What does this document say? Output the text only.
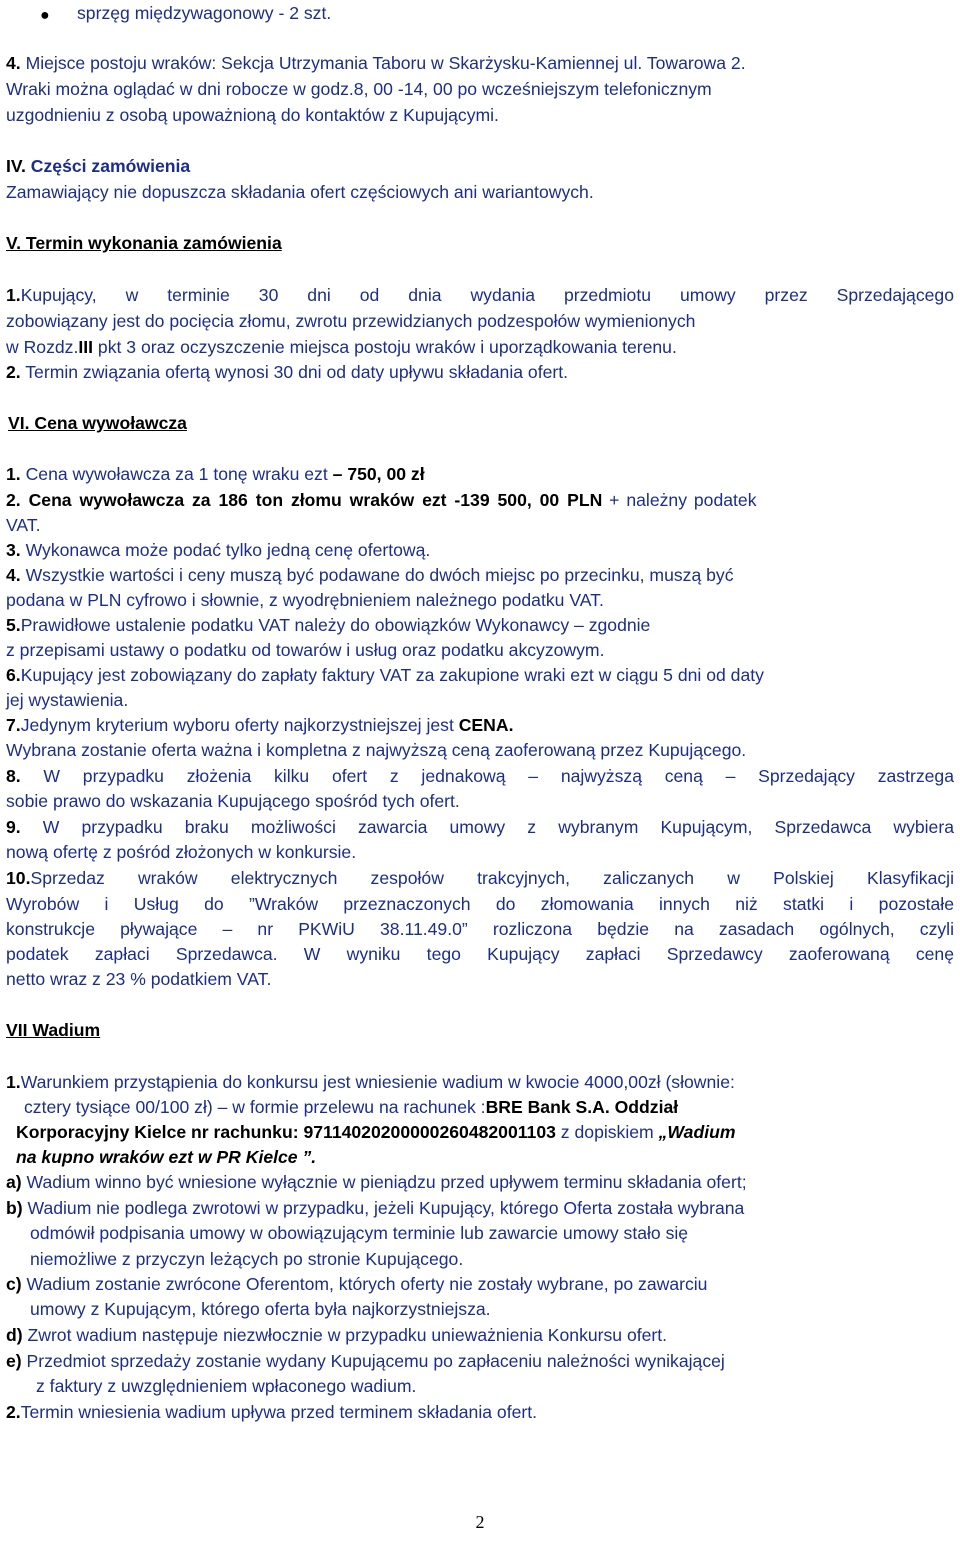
● sprzęg międzywagonowy - 2 szt.
4. Miejsce postoju wraków: Sekcja Utrzymania Taboru w Skarżysku-Kamiennej ul. Towarowa 2.
Wraki można oglądać w dni robocze w godz.8, 00 -14, 00 po wcześniejszym telefonicznym
uzgodnieniu z osobą upoważnioną do kontaktów z Kupującymi.
IV. Części zamówienia
Zamawiający nie dopuszcza składania ofert częściowych ani wariantowych.
V. Termin wykonania zamówienia
1.Kupujący, w terminie 30 dni od dnia wydania przedmiotu umowy przez Sprzedającego
zobowiązany jest do pocięcia złomu, zwrotu przewidzianych podzespołów wymienionych
w Rozdz.III pkt 3 oraz oczyszczenie miejsca postoju wraków i uporządkowania terenu.
2. Termin związania ofertą wynosi 30 dni od daty upływu składania ofert.
VI. Cena wywoławcza
1. Cena wywoławcza za 1 tonę wraku ezt – 750, 00 zł
2. Cena wywoławcza za 186 ton złomu wraków ezt -139 500, 00 PLN + należny podatek
VAT.
3. Wykonawca może podać tylko jedną cenę ofertową.
4. Wszystkie wartości i ceny muszą być podawane do dwóch miejsc po przecinku, muszą być
podana w PLN cyfrowo i słownie, z wyodrębnieniem należnego podatku VAT.
5.Prawidłowe ustalenie podatku VAT należy do obowiązków Wykonawcy – zgodnie
z przepisami ustawy o podatku od towarów i usług oraz podatku akcyzowym.
6.Kupujący jest zobowiązany do zapłaty faktury VAT za zakupione wraki ezt w ciągu 5 dni od daty
jej wystawienia.
7.Jedynym kryterium wyboru oferty najkorzystniejszej jest CENA.
Wybrana zostanie oferta ważna i kompletna z najwyższą ceną zaoferowaną przez Kupującego.
8. W przypadku złożenia kilku ofert z jednakową – najwyższą ceną – Sprzedający zastrzega
sobie prawo do wskazania Kupującego spośród tych ofert.
9. W przypadku braku możliwości zawarcia umowy z wybranym Kupującym, Sprzedawca wybiera
nową ofertę z pośród złożonych w konkursie.
10.Sprzedaz wraków elektrycznych zespołów trakcyjnych, zaliczanych w Polskiej Klasyfikacji
Wyrobów i Usług do ”Wraków przeznaczonych do złomowania innych niż statki i pozostałe
konstrukcje pływające – nr PKWiU 38.11.49.0” rozliczona będzie na zasadach ogólnych, czyli
podatek zapłaci Sprzedawca. W wyniku tego Kupujący zapłaci Sprzedawcy zaoferowaną cenę
netto wraz z 23 % podatkiem VAT.
VII Wadium
1.Warunkiem przystąpienia do konkursu jest wniesienie wadium w kwocie 4000,00zł (słownie:
cztery tysiące 00/100 zł) – w formie przelewu na rachunek :BRE Bank S.A. Oddział
Korporacyjny Kielce nr rachunku: 97114020200000260482001103 z dopiskiem „Wadium
na kupno wraków ezt w PR Kielce ”.
a) Wadium winno być wniesione wyłącznie w pieniądzu przed upływem terminu składania ofert;
b) Wadium nie podlega zwrotowi w przypadku, jeżeli Kupujący, którego Oferta została wybrana
odmówił podpisania umowy w obowiązującym terminie lub zawarcie umowy stało się
niemożliwe z przyczyn leżących po stronie Kupującego.
c) Wadium zostanie zwrócone Oferentom, których oferty nie zostały wybrane, po zawarciu
umowy z Kupującym, którego oferta była najkorzystniejsza.
d) Zwrot wadium następuje niezwłocznie w przypadku unieważnienia Konkursu ofert.
e) Przedmiot sprzedaży zostanie wydany Kupującemu po zapłaceniu należności wynikającej
z faktury z uwzględnieniem wpłaconego wadium.
2.Termin wniesienia wadium upływa przed terminem składania ofert.
2
